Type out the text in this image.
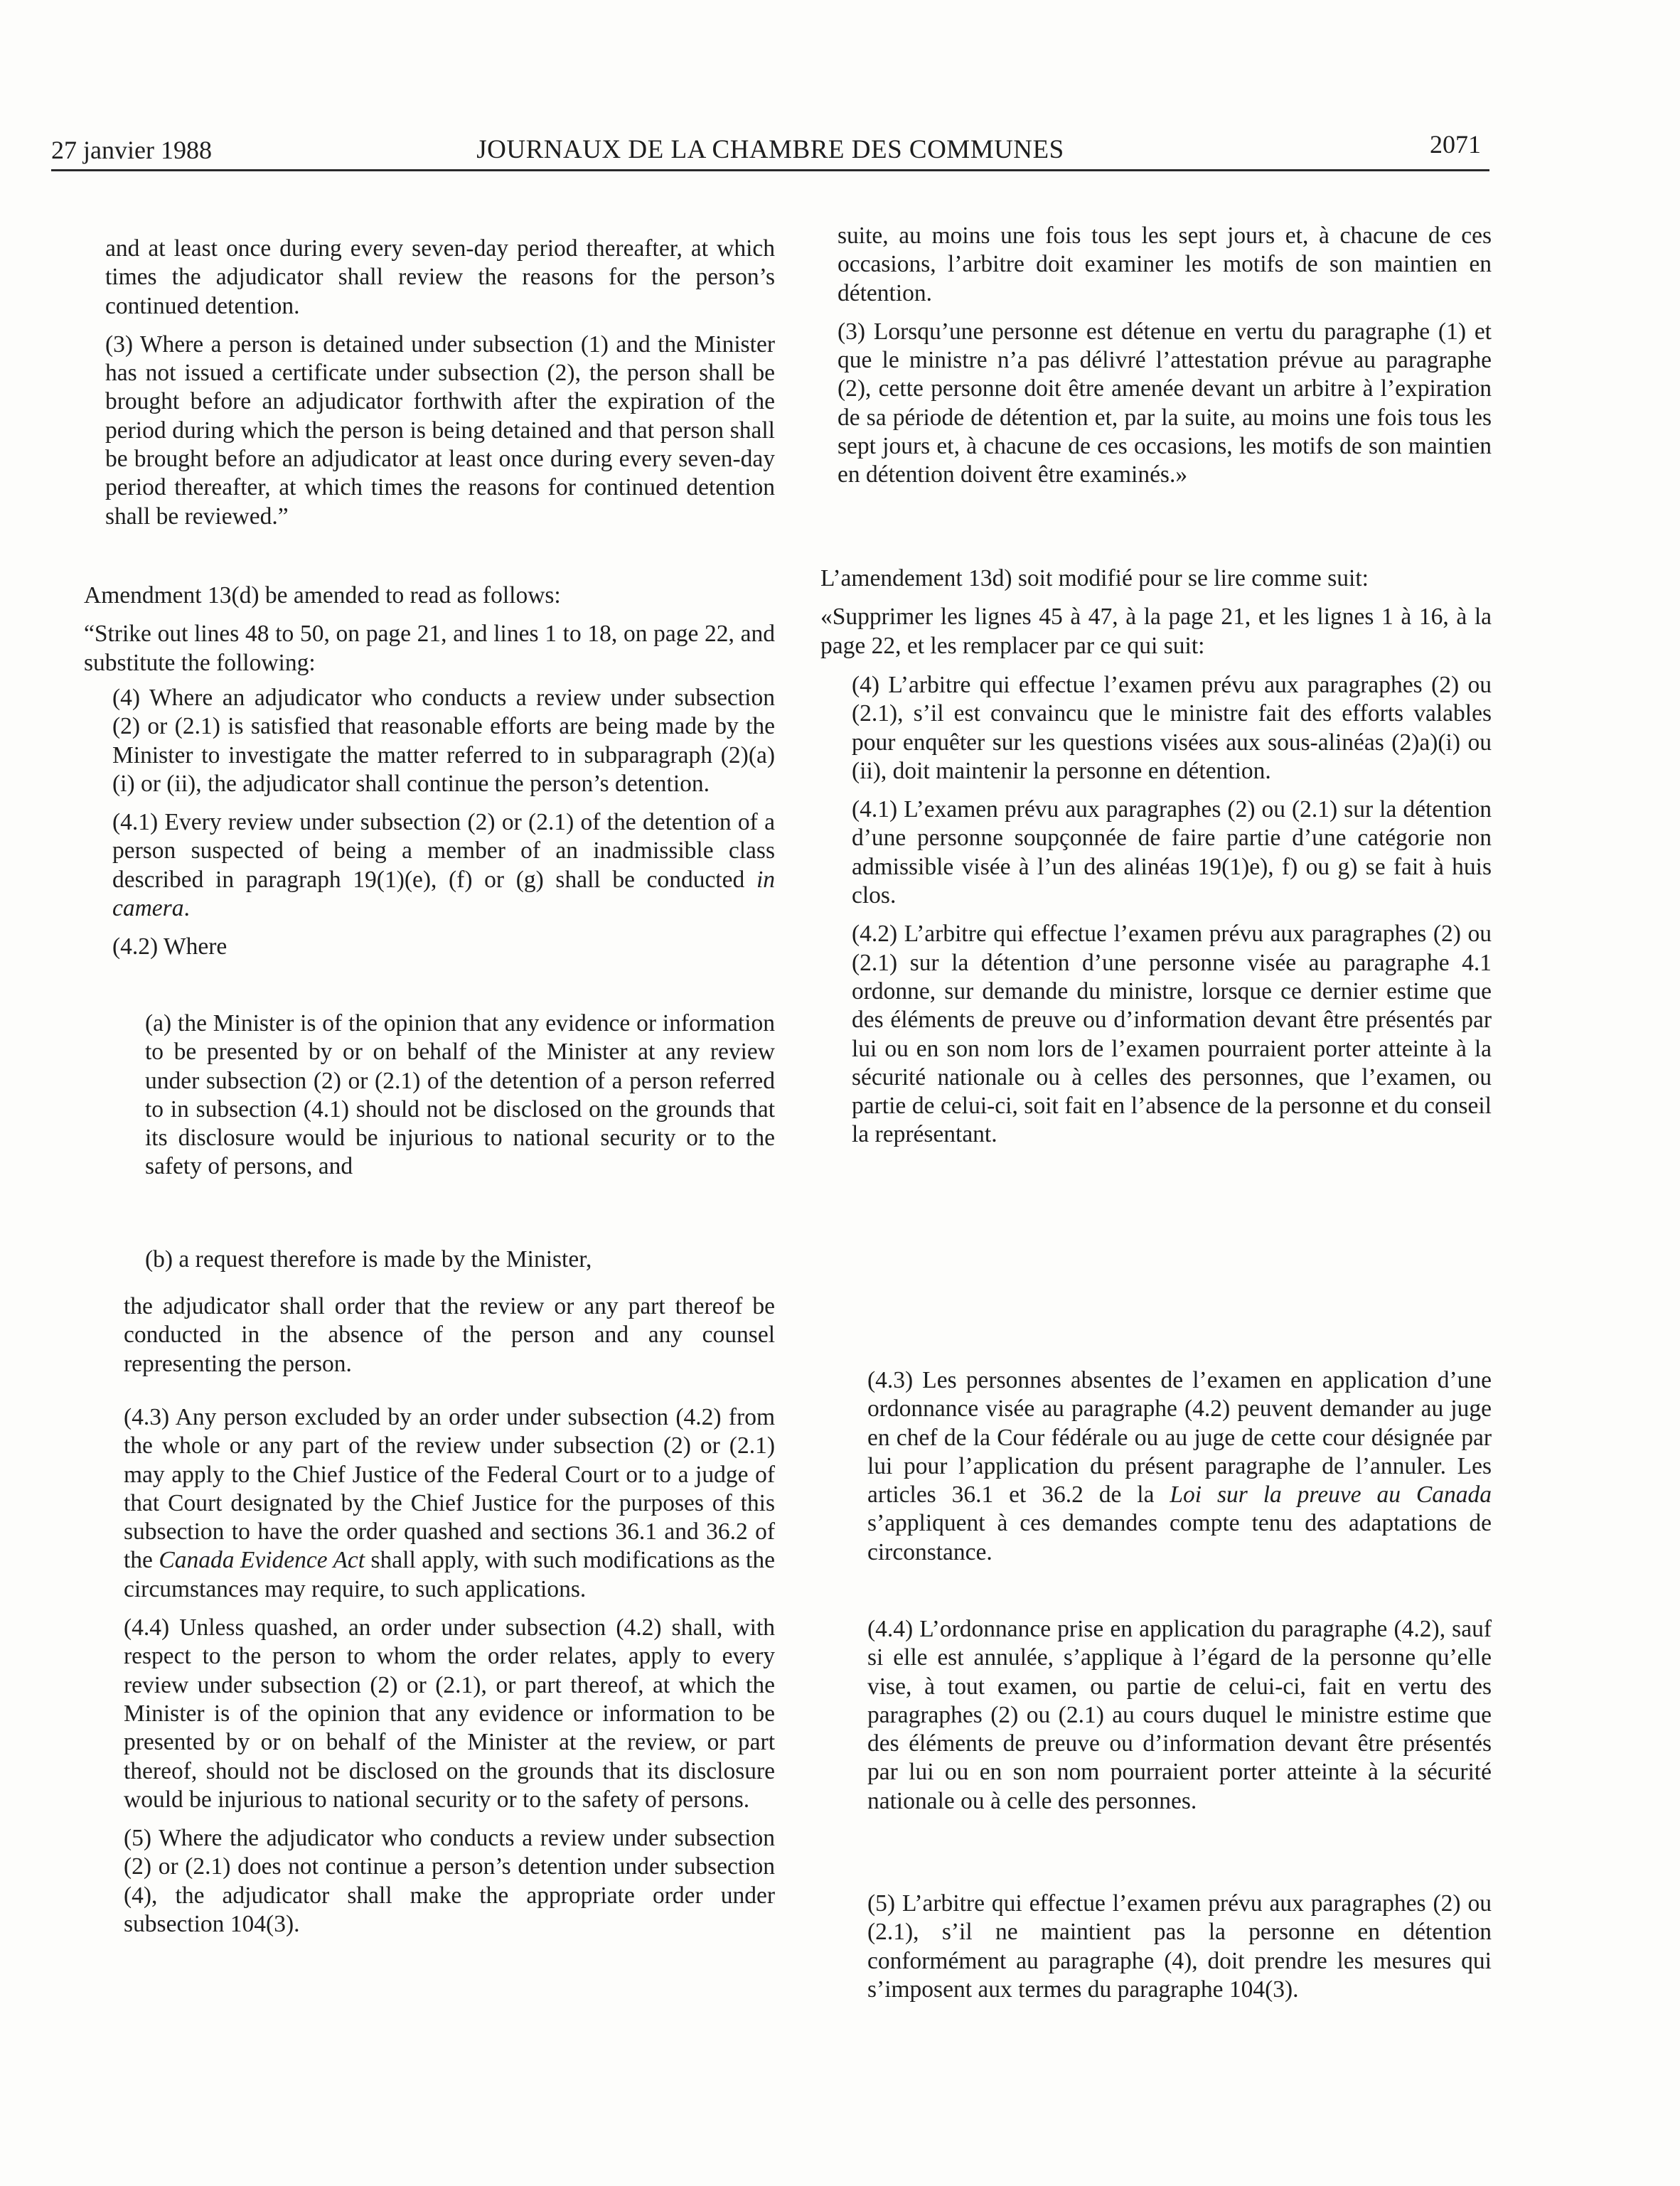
27 janvier 1988	JOURNAUX DE LA CHAMBRE DES COMMUNES	2071

and at least once during every seven-day period thereafter, at which times the adjudicator shall review the reasons for the person’s continued detention.

(3) Where a person is detained under subsection (1) and the Minister has not issued a certificate under subsection (2), the person shall be brought before an adjudicator forthwith after the expiration of the period during which the person is being detained and that person shall be brought before an adjudicator at least once during every seven-day period thereafter, at which times the reasons for continued detention shall be reviewed.”

Amendment 13(d) be amended to read as follows:

“Strike out lines 48 to 50, on page 21, and lines 1 to 18, on page 22, and substitute the following:

(4) Where an adjudicator who conducts a review under subsection (2) or (2.1) is satisfied that reasonable efforts are being made by the Minister to investigate the matter referred to in subparagraph (2)(a)(i) or (ii), the adjudicator shall continue the person’s detention.

(4.1) Every review under subsection (2) or (2.1) of the detention of a person suspected of being a member of an inadmissible class described in paragraph 19(1)(e), (f) or (g) shall be conducted in camera.

(4.2) Where

(a) the Minister is of the opinion that any evidence or information to be presented by or on behalf of the Minister at any review under subsection (2) or (2.1) of the detention of a person referred to in subsection (4.1) should not be disclosed on the grounds that its disclosure would be injurious to national security or to the safety of persons, and

(b) a request therefore is made by the Minister,

the adjudicator shall order that the review or any part thereof be conducted in the absence of the person and any counsel representing the person.

(4.3) Any person excluded by an order under subsection (4.2) from the whole or any part of the review under subsection (2) or (2.1) may apply to the Chief Justice of the Federal Court or to a judge of that Court designated by the Chief Justice for the purposes of this subsection to have the order quashed and sections 36.1 and 36.2 of the Canada Evidence Act shall apply, with such modifications as the circumstances may require, to such applications.

(4.4) Unless quashed, an order under subsection (4.2) shall, with respect to the person to whom the order relates, apply to every review under subsection (2) or (2.1), or part thereof, at which the Minister is of the opinion that any evidence or information to be presented by or on behalf of the Minister at the review, or part thereof, should not be disclosed on the grounds that its disclosure would be injurious to national security or to the safety of persons.

(5) Where the adjudicator who conducts a review under subsection (2) or (2.1) does not continue a person’s detention under subsection (4), the adjudicator shall make the appropriate order under subsection 104(3).

suite, au moins une fois tous les sept jours et, à chacune de ces occasions, l’arbitre doit examiner les motifs de son maintien en détention.

(3) Lorsqu’une personne est détenue en vertu du paragraphe (1) et que le ministre n’a pas délivré l’attestation prévue au paragraphe (2), cette personne doit être amenée devant un arbitre à l’expiration de sa période de détention et, par la suite, au moins une fois tous les sept jours et, à chacune de ces occasions, les motifs de son maintien en détention doivent être examinés.»

L’amendement 13d) soit modifié pour se lire comme suit:

«Supprimer les lignes 45 à 47, à la page 21, et les lignes 1 à 16, à la page 22, et les remplacer par ce qui suit:

(4) L’arbitre qui effectue l’examen prévu aux paragraphes (2) ou (2.1), s’il est convaincu que le ministre fait des efforts valables pour enquêter sur les questions visées aux sous-alinéas (2)a)(i) ou (ii), doit maintenir la personne en détention.

(4.1) L’examen prévu aux paragraphes (2) ou (2.1) sur la détention d’une personne soupçonnée de faire partie d’une catégorie non admissible visée à l’un des alinéas 19(1)e), f) ou g) se fait à huis clos.

(4.2) L’arbitre qui effectue l’examen prévu aux paragraphes (2) ou (2.1) sur la détention d’une personne visée au paragraphe 4.1 ordonne, sur demande du ministre, lorsque ce dernier estime que des éléments de preuve ou d’information devant être présentés par lui ou en son nom lors de l’examen pourraient porter atteinte à la sécurité nationale ou à celles des personnes, que l’examen, ou partie de celui-ci, soit fait en l’absence de la personne et du conseil la représentant.

(4.3) Les personnes absentes de l’examen en application d’une ordonnance visée au paragraphe (4.2) peuvent demander au juge en chef de la Cour fédérale ou au juge de cette cour désignée par lui pour l’application du présent paragraphe de l’annuler. Les articles 36.1 et 36.2 de la Loi sur la preuve au Canada s’appliquent à ces demandes compte tenu des adaptations de circonstance.

(4.4) L’ordonnance prise en application du paragraphe (4.2), sauf si elle est annulée, s’applique à l’égard de la personne qu’elle vise, à tout examen, ou partie de celui-ci, fait en vertu des paragraphes (2) ou (2.1) au cours duquel le ministre estime que des éléments de preuve ou d’information devant être présentés par lui ou en son nom pourraient porter atteinte à la sécurité nationale ou à celle des personnes.

(5) L’arbitre qui effectue l’examen prévu aux paragraphes (2) ou (2.1), s’il ne maintient pas la personne en détention conformément au paragraphe (4), doit prendre les mesures qui s’imposent aux termes du paragraphe 104(3).
